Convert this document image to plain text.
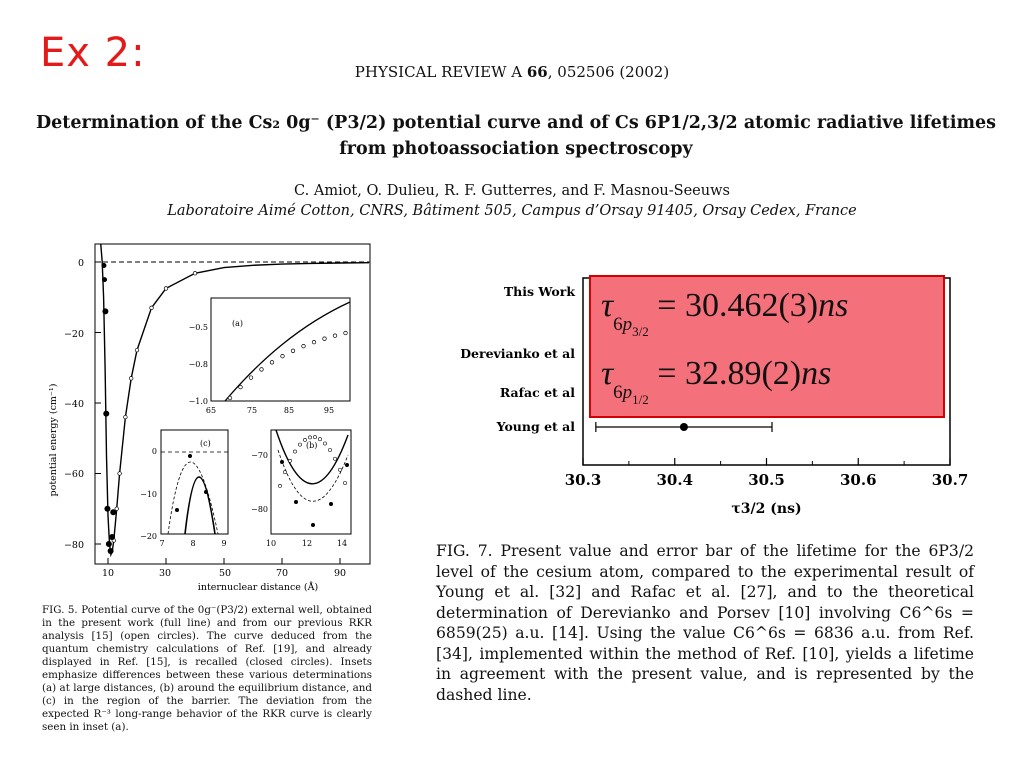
Ex 2:	PHYSICAL REVIEW A 66, 052506 (2002)
Determination of the Cs₂ 0g⁻ (P3/2) potential curve and of Cs 6P1/2,3/2 atomic radiative lifetimes
from photoassociation spectroscopy
C. Amiot, O. Dulieu, R. F. Gutterres, and F. Masnou-Seeuws
Laboratoire Aimé Cotton, CNRS, Bâtiment 505, Campus d’Orsay 91405, Orsay Cedex, France
potential energy (cm⁻¹)
internuclear distance (Å)
0
−20
−40
−60
−80
10	30	50	70	90
(a)
−0.5
−0.8
−1.0
65	75	85	95
(c)
0
−10
−20
7	8	9
(b)
−70
−80
10	12	14
FIG. 5. Potential curve of the 0g⁻(P3/2) external well, obtained in the present work (full line) and from our previous RKR analysis [15] (open circles). The curve deduced from the quantum chemistry calculations of Ref. [19], and already displayed in Ref. [15], is recalled (closed circles). Insets emphasize differences between these various determinations (a) at large distances, (b) around the equilibrium distance, and (c) in the region of the barrier. The deviation from the expected R⁻³ long-range behavior of the RKR curve is clearly seen in inset (a).
This Work
Derevianko et al
Rafac et al
Young et al
30.3	30.4	30.5	30.6	30.7
τ3/2 (ns)
$\tau_{6p_{3/2}} = 30.462(3)ns$
$\tau_{6p_{1/2}} = 32.89(2)ns$
FIG. 7. Present value and error bar of the lifetime for the 6P3/2 level of the cesium atom, compared to the experimental result of Young et al. [32] and Rafac et al. [27], and to the theoretical determination of Derevianko and Porsev [10] involving C6^6s = 6859(25) a.u. [14]. Using the value C6^6s = 6836 a.u. from Ref. [34], implemented within the method of Ref. [10], yields a lifetime in agreement with the present value, and is represented by the dashed line.
